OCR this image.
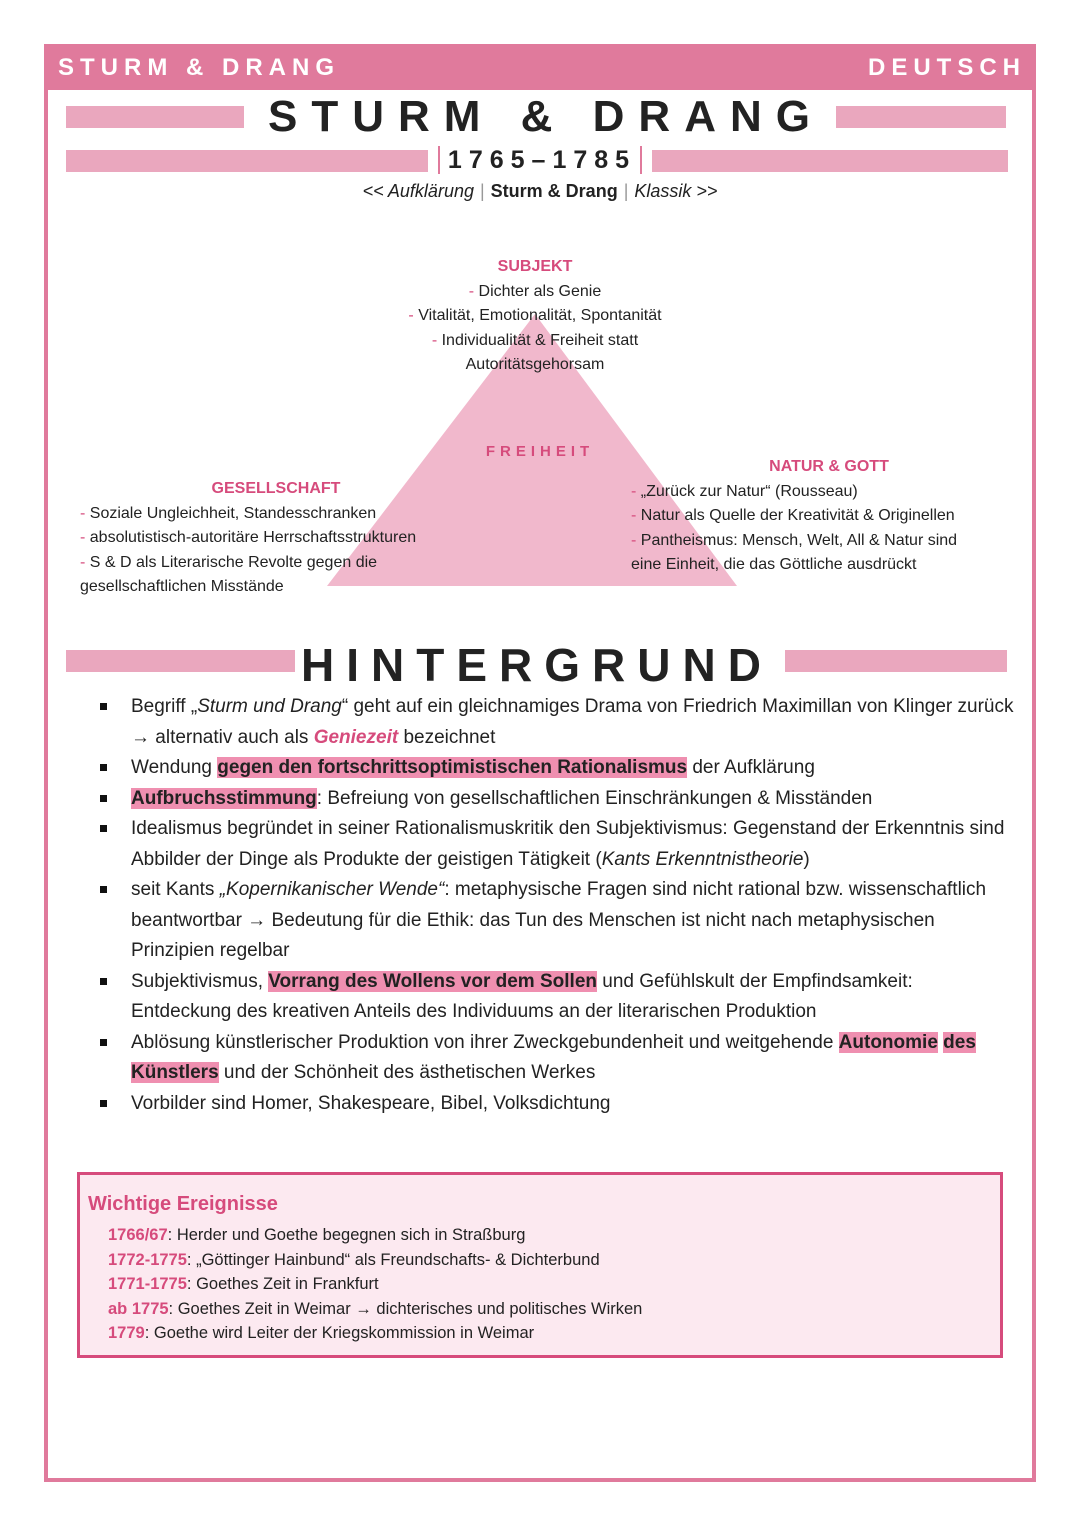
STURM & DRANG	DEUTSCH
STURM & DRANG
1765–1785
<< Aufklärung | Sturm & Drang | Klassik >>
FREIHEIT
SUBJEKT
- Dichter als Genie
- Vitalität, Emotionalität, Spontanität
- Individualität & Freiheit statt
Autoritätsgehorsam
GESELLSCHAFT
- Soziale Ungleichheit, Standesschranken
- absolutistisch-autoritäre Herrschaftsstrukturen
- S & D als Literarische Revolte gegen die
gesellschaftlichen Misstände
NATUR & GOTT
- „Zurück zur Natur“ (Rousseau)
- Natur als Quelle der Kreativität & Originellen
- Pantheismus: Mensch, Welt, All & Natur sind
eine Einheit, die das Göttliche ausdrückt
HINTERGRUND
Begriff „Sturm und Drang“ geht auf ein gleichnamiges Drama von Friedrich Maximillan von Klinger zurück → alternativ auch als Geniezeit bezeichnet
Wendung gegen den fortschrittsoptimistischen Rationalismus der Aufklärung
Aufbruchsstimmung: Befreiung von gesellschaftlichen Einschränkungen & Misständen
Idealismus begründet in seiner Rationalismuskritik den Subjektivismus: Gegenstand der Erkenntnis sind Abbilder der Dinge als Produkte der geistigen Tätigkeit (Kants Erkenntnistheorie)
seit Kants „Kopernikanischer Wende“: metaphysische Fragen sind nicht rational bzw. wissenschaftlich beantwortbar → Bedeutung für die Ethik: das Tun des Menschen ist nicht nach metaphysischen Prinzipien regelbar
Subjektivismus, Vorrang des Wollens vor dem Sollen und Gefühlskult der Empfindsamkeit: Entdeckung des kreativen Anteils des Individuums an der literarischen Produktion
Ablösung künstlerischer Produktion von ihrer Zweckgebundenheit und weitgehende Autonomie des Künstlers und der Schönheit des ästhetischen Werkes
Vorbilder sind Homer, Shakespeare, Bibel, Volksdichtung
Wichtige Ereignisse
1766/67: Herder und Goethe begegnen sich in Straßburg
1772-1775: „Göttinger Hainbund“ als Freundschafts- & Dichterbund
1771-1775: Goethes Zeit in Frankfurt
ab 1775: Goethes Zeit in Weimar → dichterisches und politisches Wirken
1779: Goethe wird Leiter der Kriegskommission in Weimar
